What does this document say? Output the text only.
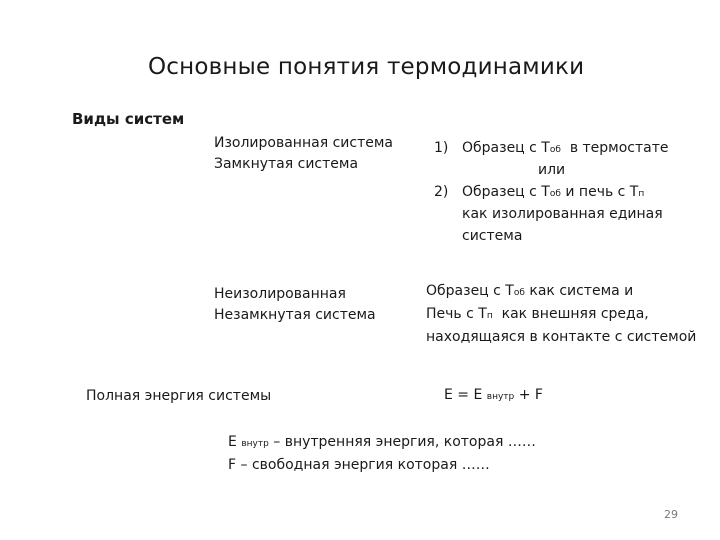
Основные понятия термодинамики
Виды систем
Изолированная система
Замкнутая система
1) Образец с Tоб в термостате
или
2) Образец с Tоб и печь с Tп
как изолированная единая
система
Неизолированная
Незамкнутая система
Образец с Tоб как система и
Печь с Tп как внешняя среда,
находящаяся в контакте с системой
Полная энергия системы	E = E внутр + F
E внутр – внутренняя энергия, которая ……
F – свободная энергия которая ……
29
